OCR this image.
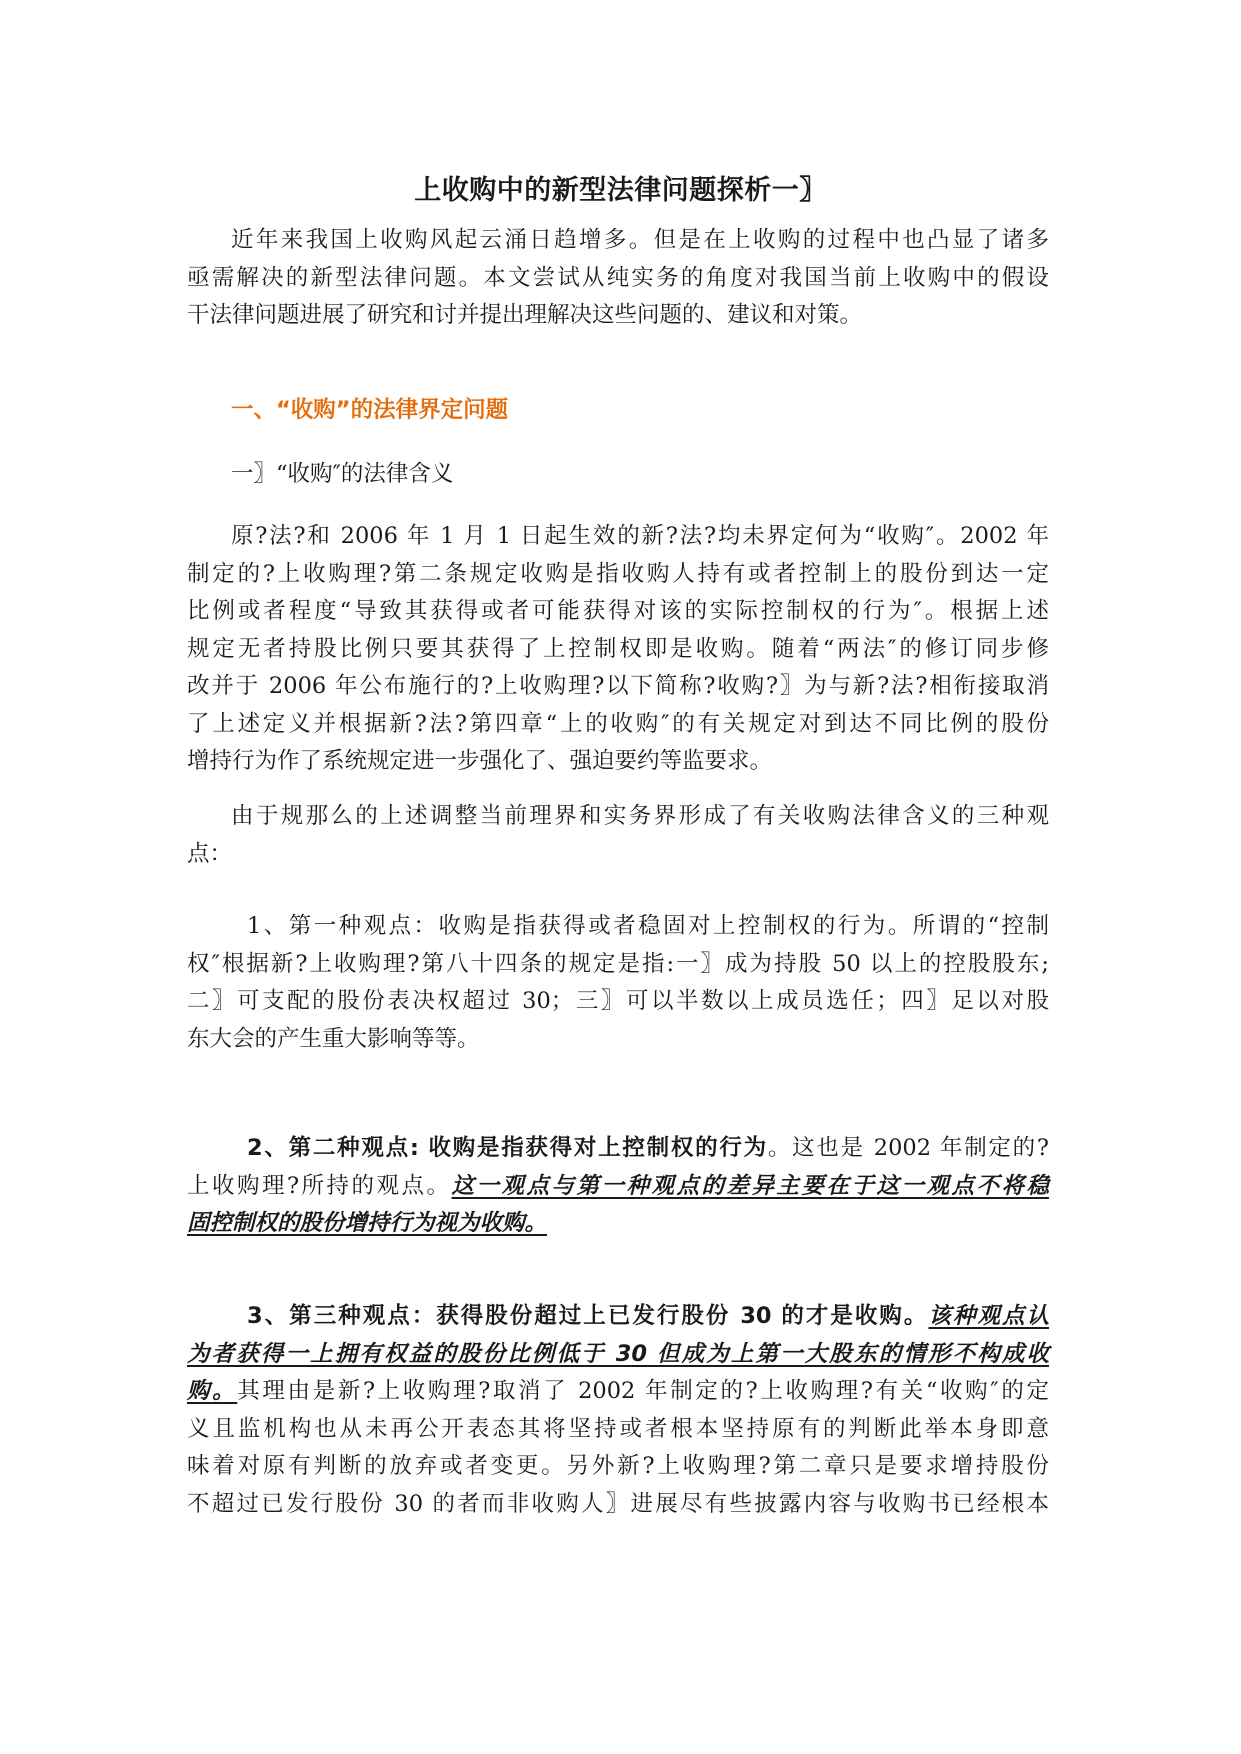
上收购中的新型法律问题探析一〗
近年来我国上收购风起云涌日趋增多。但是在上收购的过程中也凸显了诸多
亟需解决的新型法律问题。本文尝试从纯实务的角度对我国当前上收购中的假设
干法律问题进展了研究和讨并提出理解决这些问题的、建议和对策。

一、“收购”的法律界定问题

一〗“收购″的法律含义

原?法?和 2006 年 1 月 1 日起生效的新?法?均未界定何为“收购″。2002 年
制定的?上收购理?第二条规定收购是指收购人持有或者控制上的股份到达一定
比例或者程度“导致其获得或者可能获得对该的实际控制权的行为″。根据上述
规定无者持股比例只要其获得了上控制权即是收购。随着“两法″的修订同步修
改并于 2006 年公布施行的?上收购理?以下简称?收购?〗为与新?法?相衔接取消
了上述定义并根据新?法?第四章“上的收购″的有关规定对到达不同比例的股份
增持行为作了系统规定进一步强化了、强迫要约等监要求。
由于规那么的上述调整当前理界和实务界形成了有关收购法律含义的三种观
点：
1、第一种观点：收购是指获得或者稳固对上控制权的行为。所谓的“控制
权″根据新?上收购理?第八十四条的规定是指:一〗成为持股 50 以上的控股股东;
二〗可支配的股份表决权超过 30；三〗可以半数以上成员选任；四〗足以对股
东大会的产生重大影响等等。
2、第二种观点: 收购是指获得对上控制权的行为。这也是 2002 年制定的?
上收购理?所持的观点。这一观点与第一种观点的差异主要在于这一观点不将稳
固控制权的股份增持行为视为收购。
3、第三种观点：获得股份超过上已发行股份 30 的才是收购。该种观点认
为者获得一上拥有权益的股份比例低于 30 但成为上第一大股东的情形不构成收
购。其理由是新?上收购理?取消了 2002 年制定的?上收购理?有关“收购″的定
义且监机构也从未再公开表态其将坚持或者根本坚持原有的判断此举本身即意
味着对原有判断的放弃或者变更。另外新?上收购理?第二章只是要求增持股份
不超过已发行股份 30 的者而非收购人〗进展尽有些披露内容与收购书已经根本
